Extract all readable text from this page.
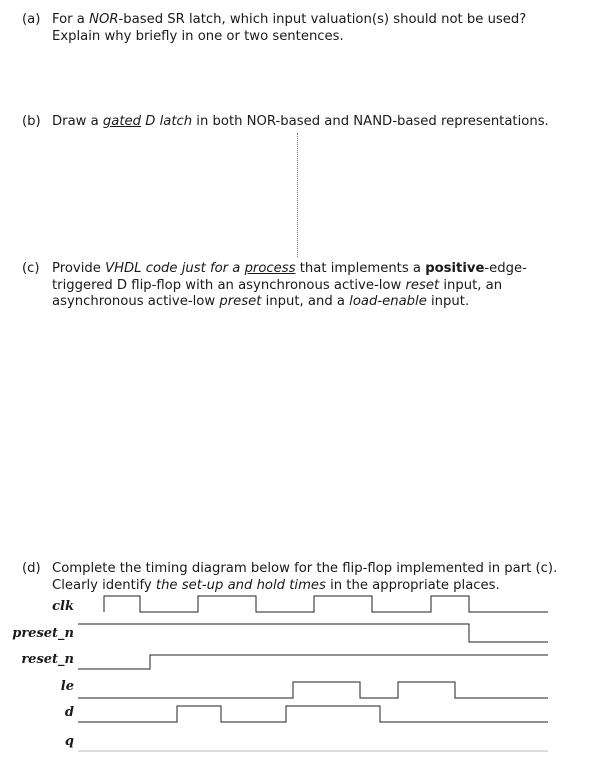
(a) For a NOR-based SR latch, which input valuation(s) should not be used?
Explain why briefly in one or two sentences.
(b) Draw a gated D latch in both NOR-based and NAND-based representations.
(c) Provide VHDL code just for a process that implements a positive-edge-
triggered D flip-flop with an asynchronous active-low reset input, an
asynchronous active-low preset input, and a load-enable input.
(d) Complete the timing diagram below for the flip-flop implemented in part (c).
Clearly identify the set-up and hold times in the appropriate places.
clk
preset_n
reset_n
le
d
q
